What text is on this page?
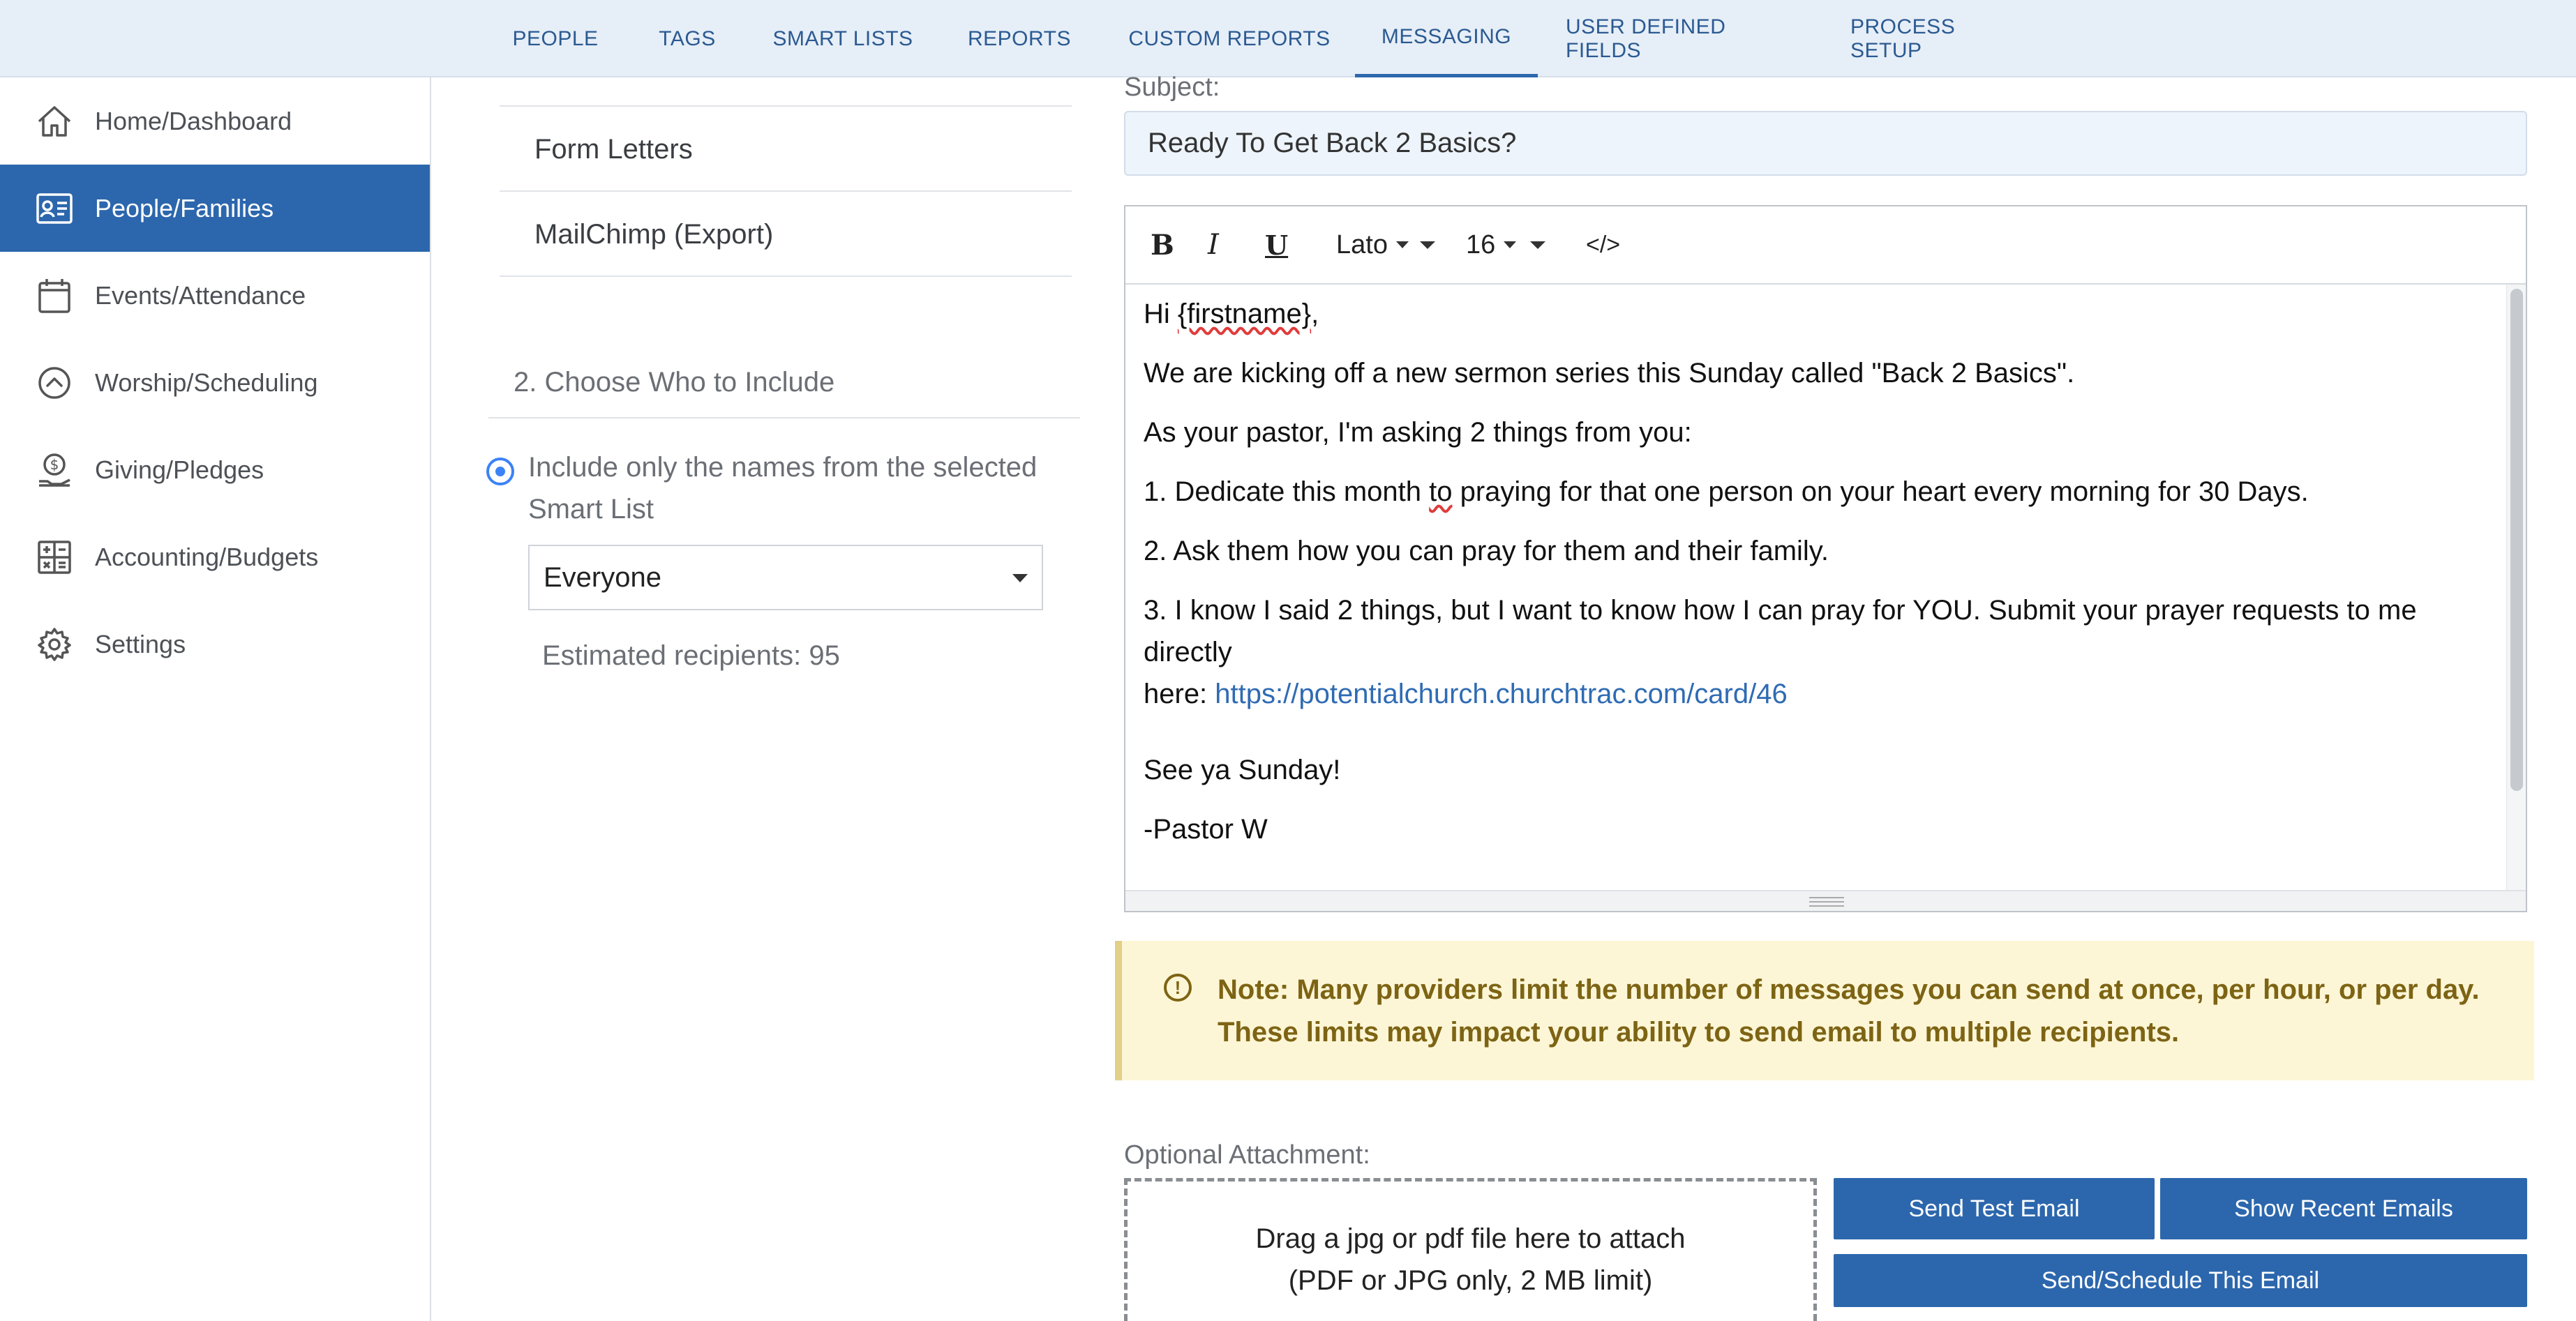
PEOPLE	TAGS	SMART LISTS	REPORTS	CUSTOM REPORTS	MESSAGING	USER DEFINED FIELDS
PROCESS SETUP
Home/Dashboard
People/Families
Events/Attendance
Worship/Scheduling
$ Giving/Pledges
Accounting/Budgets
Settings
Form Letters
MailChimp (Export)
2. Choose Who to Include
Include only the names from the selected Smart List
Everyone
Estimated recipients: 95
Subject:
Ready To Get Back 2 Basics?
B I	U Lato	16	</>
Hi {firstname},
We are kicking off a new sermon series this Sunday called "Back 2 Basics".
As your pastor, I'm asking 2 things from you:
1. Dedicate this month to praying for that one person on your heart every morning for 30 Days.
2. Ask them how you can pray for them and their family.
3. I know I said 2 things, but I want to know how I can pray for YOU. Submit your prayer requests to me directly
here: https://potentialchurch.churchtrac.com/card/46
See ya Sunday!
-Pastor W
!	Note: Many providers limit the number of messages you can send at once, per hour, or per day. These limits may impact your ability to send email to multiple recipients.
Optional Attachment:
Drag a jpg or pdf file here to attach
(PDF or JPG only, 2 MB limit)
Send Test Email	Show Recent Emails
Send/Schedule This Email
